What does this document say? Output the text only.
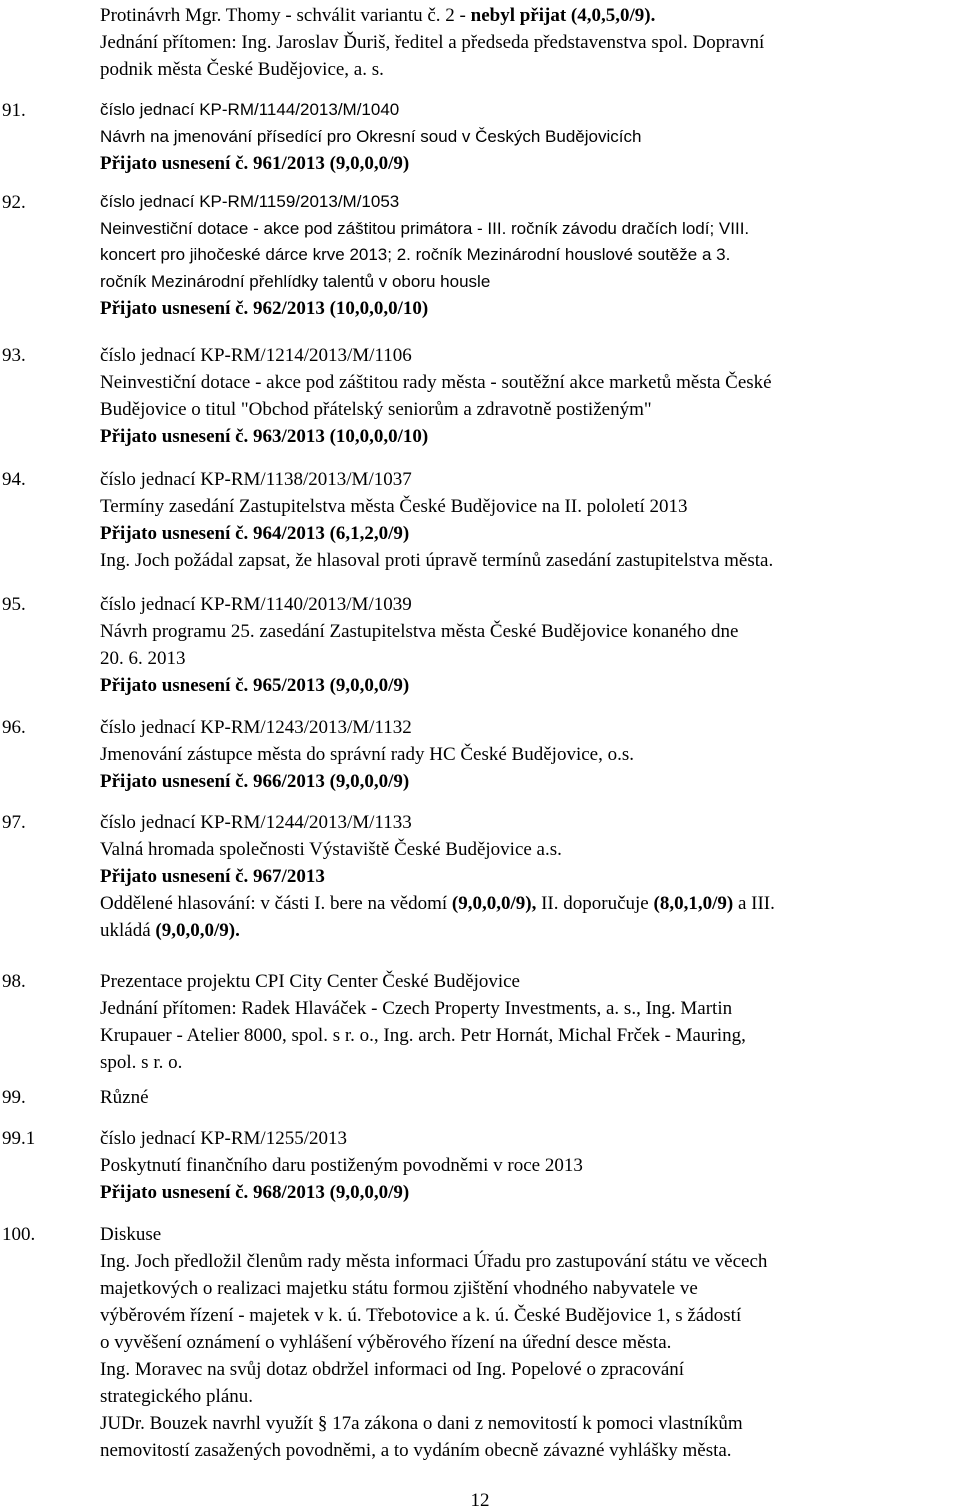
Protinávrh Mgr. Thomy - schválit variantu č. 2 - nebyl přijat (4,0,5,0/9).
Jednání přítomen: Ing. Jaroslav Ďuriš, ředitel a předseda představenstva spol. Dopravní
podnik města České Budějovice, a. s.
91.	číslo jednací KP-RM/1144/2013/M/1040
Návrh na jmenování přísedící pro Okresní soud v Českých Budějovicích
Přijato usnesení č. 961/2013 (9,0,0,0/9)
92.	číslo jednací KP-RM/1159/2013/M/1053
Neinvestiční dotace - akce pod záštitou primátora - III. ročník závodu dračích lodí; VIII.
koncert pro jihočeské dárce krve 2013; 2. ročník Mezinárodní houslové soutěže a 3.
ročník Mezinárodní přehlídky talentů v oboru housle
Přijato usnesení č. 962/2013 (10,0,0,0/10)
93.	číslo jednací KP-RM/1214/2013/M/1106
Neinvestiční dotace - akce pod záštitou rady města - soutěžní akce marketů města České
Budějovice o titul "Obchod přátelský seniorům a zdravotně postiženým"
Přijato usnesení č. 963/2013 (10,0,0,0/10)
94.	číslo jednací KP-RM/1138/2013/M/1037
Termíny zasedání Zastupitelstva města České Budějovice na II. pololetí 2013
Přijato usnesení č. 964/2013 (6,1,2,0/9)
Ing. Joch požádal zapsat, že hlasoval proti úpravě termínů zasedání zastupitelstva města.
95.	číslo jednací KP-RM/1140/2013/M/1039
Návrh programu 25. zasedání Zastupitelstva města České Budějovice konaného dne
20. 6. 2013
Přijato usnesení č. 965/2013 (9,0,0,0/9)
96.	číslo jednací KP-RM/1243/2013/M/1132
Jmenování zástupce města do správní rady HC České Budějovice, o.s.
Přijato usnesení č. 966/2013 (9,0,0,0/9)
97.	číslo jednací KP-RM/1244/2013/M/1133
Valná hromada společnosti Výstaviště České Budějovice a.s.
Přijato usnesení č. 967/2013
Oddělené hlasování: v části I. bere na vědomí (9,0,0,0/9), II. doporučuje (8,0,1,0/9) a III.
ukládá (9,0,0,0/9).
98.	Prezentace projektu CPI City Center České Budějovice
Jednání přítomen: Radek Hlaváček - Czech Property Investments, a. s., Ing. Martin
Krupauer - Atelier 8000, spol. s r. o., Ing. arch. Petr Hornát, Michal Frček - Mauring,
spol. s r. o.
99.	Různé
99.1	číslo jednací KP-RM/1255/2013
Poskytnutí finančního daru postiženým povodněmi v roce 2013
Přijato usnesení č. 968/2013 (9,0,0,0/9)
100.	Diskuse
Ing. Joch předložil členům rady města informaci Úřadu pro zastupování státu ve věcech
majetkových o realizaci majetku státu formou zjištění vhodného nabyvatele ve
výběrovém řízení - majetek v k. ú. Třebotovice a k. ú. České Budějovice 1, s žádostí
o vyvěšení oznámení o vyhlášení výběrového řízení na úřední desce města.
Ing. Moravec na svůj dotaz obdržel informaci od Ing. Popelové o zpracování
strategického plánu.
JUDr. Bouzek navrhl využít § 17a zákona o dani z nemovitostí k pomoci vlastníkům
nemovitostí zasažených povodněmi, a to vydáním obecně závazné vyhlášky města.
12
